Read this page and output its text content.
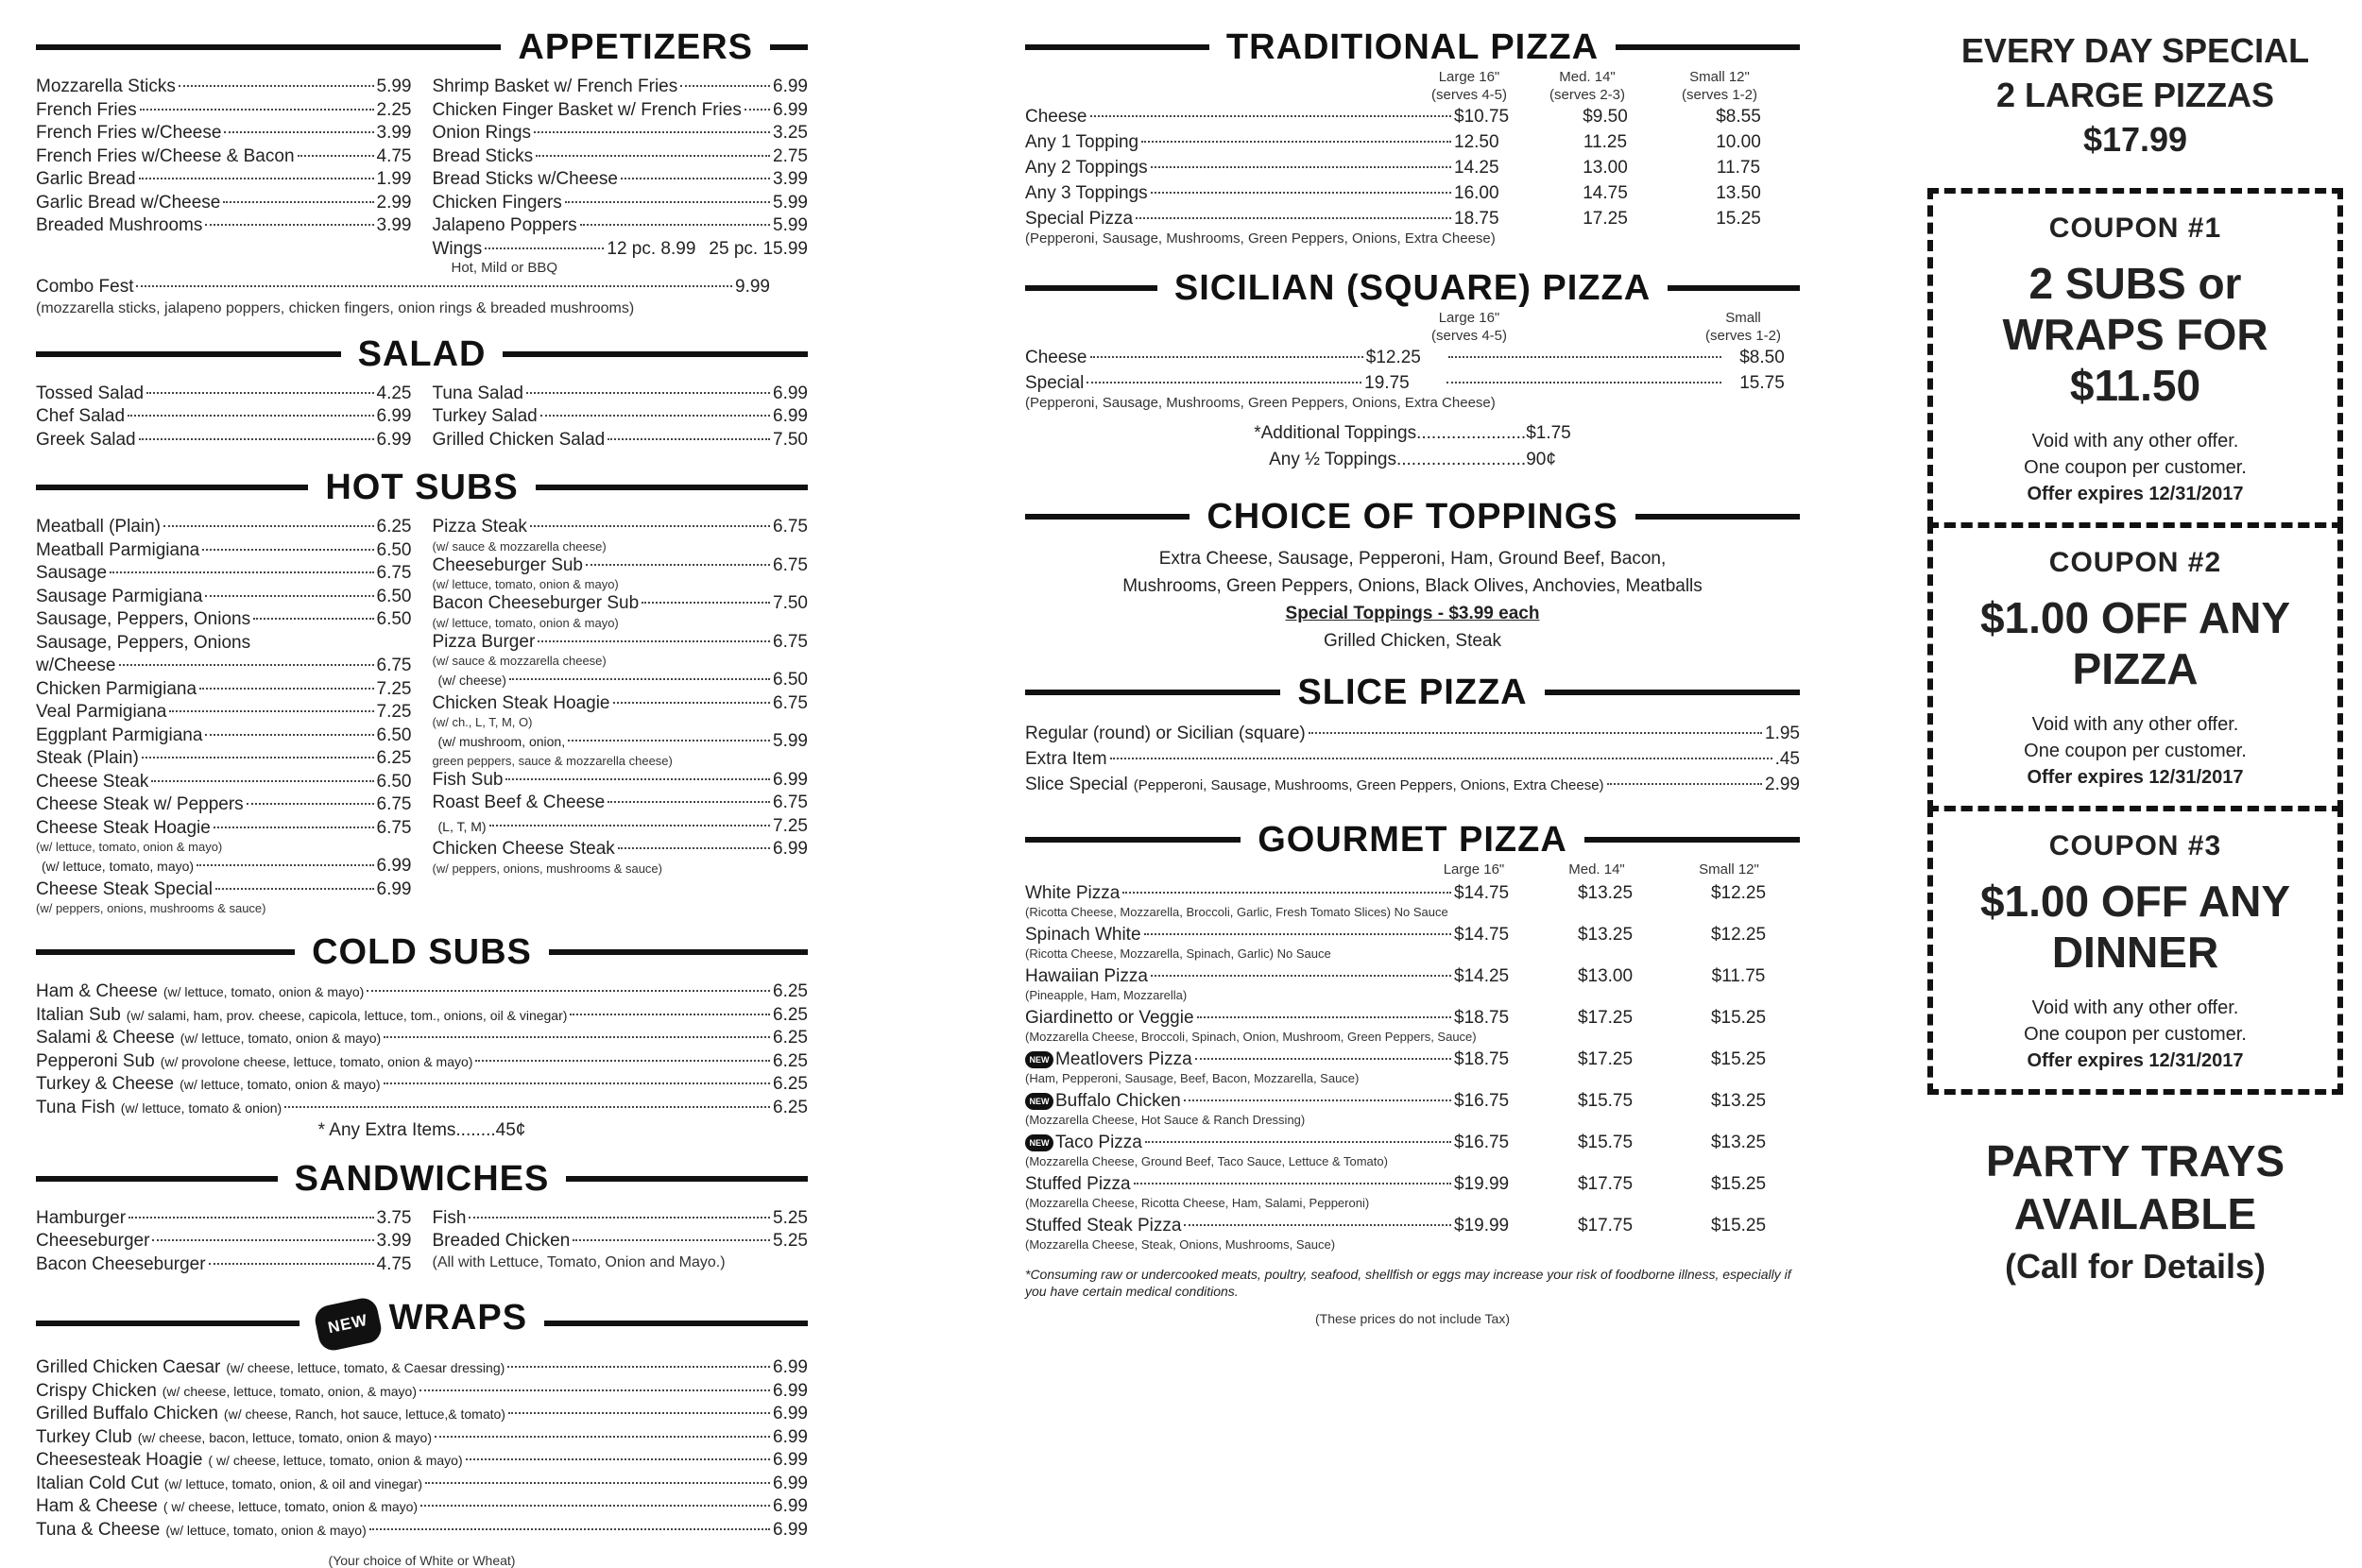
sirved
APPETIZERS
Mozzarella Sticks	5.99
French Fries	2.25
French Fries w/Cheese	3.99
French Fries w/Cheese & Bacon	4.75
Garlic Bread	1.99
Garlic Bread w/Cheese	2.99
Breaded Mushrooms	3.99
Shrimp Basket w/ French Fries	6.99
Chicken Finger Basket w/ French Fries 6.99
Onion Rings	3.25
Bread Sticks	2.75
Bread Sticks w/Cheese	3.99
Chicken Fingers	5.99
Jalapeno Poppers	5.99
Wings	12 pc. 8.99 25 pc. 15.99
Hot, Mild or BBQ
Combo Fest	9.99
(mozzarella sticks, jalapeno poppers, chicken fingers, onion rings & breaded mushrooms)
SALAD
Tossed Salad	4.25
Chef Salad	6.99
Greek Salad	6.99
Tuna Salad	6.99
Turkey Salad	6.99
Grilled Chicken Salad	7.50
HOT SUBS
Meatball (Plain)	6.25
Meatball Parmigiana	6.50
Sausage	6.75
Sausage Parmigiana	6.50
Sausage, Peppers, Onions	6.50
Sausage, Peppers, Onions
w/Cheese	6.75
Chicken Parmigiana	7.25
Veal Parmigiana	7.25
Eggplant Parmigiana	6.50
Steak (Plain)	6.25
Cheese Steak	6.50
Cheese Steak w/ Peppers	6.75
Cheese Steak Hoagie	6.75
(w/ lettuce, tomato, onion & mayo)
(w/ lettuce, tomato, mayo)	6.99
Cheese Steak Special	6.99
(w/ peppers, onions, mushrooms & sauce)
Pizza Steak	6.75
(w/ sauce & mozzarella cheese)
Cheeseburger Sub	6.75
(w/ lettuce, tomato, onion & mayo)
Bacon Cheeseburger Sub	7.50
(w/ lettuce, tomato, onion & mayo)
Pizza Burger	6.75
(w/ sauce & mozzarella cheese)
(w/ cheese)	6.50
Chicken Steak Hoagie	6.75
(w/ ch., L, T, M, O)
(w/ mushroom, onion,	5.99
green peppers, sauce & mozzarella cheese)
Fish Sub	6.99
Roast Beef & Cheese	6.75
(L, T, M)	7.25
Chicken Cheese Steak	6.99
(w/ peppers, onions, mushrooms & sauce)
COLD SUBS
Ham & Cheese (w/ lettuce, tomato, onion & mayo)	6.25
Italian Sub (w/ salami, ham, prov. cheese, capicola, lettuce, tom., onions, oil & vinegar)	6.25
Salami & Cheese (w/ lettuce, tomato, onion & mayo)	6.25
Pepperoni Sub (w/ provolone cheese, lettuce, tomato, onion & mayo)	6.25
Turkey & Cheese (w/ lettuce, tomato, onion & mayo)	6.25
Tuna Fish (w/ lettuce, tomato & onion)	6.25
* Any Extra Items........45¢
SANDWICHES
Hamburger	3.75
Cheeseburger	3.99
Bacon Cheeseburger	4.75
Fish	5.25
Breaded Chicken	5.25
(All with Lettuce, Tomato, Onion and Mayo.)
NEW WRAPS
Grilled Chicken Caesar (w/ cheese, lettuce, tomato, & Caesar dressing)	6.99
Crispy Chicken (w/ cheese, lettuce, tomato, onion, & mayo)	6.99
Grilled Buffalo Chicken (w/ cheese, Ranch, hot sauce, lettuce,& tomato)	6.99
Turkey Club (w/ cheese, bacon, lettuce, tomato, onion & mayo)	6.99
Cheesesteak Hoagie ( w/ cheese, lettuce, tomato, onion & mayo)	6.99
Italian Cold Cut (w/ lettuce, tomato, onion, & oil and vinegar)	6.99
Ham & Cheese ( w/ cheese, lettuce, tomato, onion & mayo)	6.99
Tuna & Cheese (w/ lettuce, tomato, onion & mayo)	6.99
(Your choice of White or Wheat)
TRADITIONAL PIZZA
Large 16"	Med. 14"	Small 12"
(serves 4-5)	(serves 2-3)	(serves 1-2)
Cheese	$10.75	$9.50	$8.55
Any 1 Topping	12.50	11.25	10.00
Any 2 Toppings	14.25	13.00	11.75
Any 3 Toppings	16.00	14.75	13.50
Special Pizza	18.75	17.25	15.25
(Pepperoni, Sausage, Mushrooms, Green Peppers, Onions, Extra Cheese)
SICILIAN (SQUARE) PIZZA
Large 16"	Small
(serves 4-5)	(serves 1-2)
Cheese	$12.25	$8.50
Special	19.75	15.75
(Pepperoni, Sausage, Mushrooms, Green Peppers, Onions, Extra Cheese)
*Additional Toppings......................$1.75
Any ½ Toppings..........................90¢
CHOICE OF TOPPINGS
Extra Cheese, Sausage, Pepperoni, Ham, Ground Beef, Bacon,
Mushrooms, Green Peppers, Onions, Black Olives, Anchovies, Meatballs
Special Toppings - $3.99 each
Grilled Chicken, Steak
SLICE PIZZA
Regular (round) or Sicilian (square)	1.95
Extra Item	.45
Slice Special (Pepperoni, Sausage, Mushrooms, Green Peppers, Onions, Extra Cheese)	2.99
GOURMET PIZZA
Large 16"	Med. 14"	Small 12"
White Pizza	$14.75	$13.25	$12.25
(Ricotta Cheese, Mozzarella, Broccoli, Garlic, Fresh Tomato Slices) No Sauce
Spinach White	$14.75	$13.25	$12.25
(Ricotta Cheese, Mozzarella, Spinach, Garlic) No Sauce
Hawaiian Pizza	$14.25	$13.00	$11.75
(Pineapple, Ham, Mozzarella)
Giardinetto or Veggie	$18.75	$17.25	$15.25
(Mozzarella Cheese, Broccoli, Spinach, Onion, Mushroom, Green Peppers, Sauce)
NEW Meatlovers Pizza	$18.75	$17.25	$15.25
(Ham, Pepperoni, Sausage, Beef, Bacon, Mozzarella, Sauce)
NEW Buffalo Chicken	$16.75	$15.75	$13.25
(Mozzarella Cheese, Hot Sauce & Ranch Dressing)
NEW Taco Pizza	$16.75	$15.75	$13.25
(Mozzarella Cheese, Ground Beef, Taco Sauce, Lettuce & Tomato)
Stuffed Pizza	$19.99	$17.75	$15.25
(Mozzarella Cheese, Ricotta Cheese, Ham, Salami, Pepperoni)
Stuffed Steak Pizza	$19.99	$17.75	$15.25
(Mozzarella Cheese, Steak, Onions, Mushrooms, Sauce)
*Consuming raw or undercooked meats, poultry, seafood, shellfish or eggs may increase your risk of foodborne illness, especially if you have certain medical conditions.
(These prices do not include Tax)
EVERY DAY SPECIAL
2 LARGE PIZZAS
$17.99
COUPON #1
2 SUBS or WRAPS FOR $11.50
Void with any other offer.
One coupon per customer.
Offer expires 12/31/2017
COUPON #2
$1.00 OFF ANY PIZZA
Void with any other offer.
One coupon per customer.
Offer expires 12/31/2017
COUPON #3
$1.00 OFF ANY DINNER
Void with any other offer.
One coupon per customer.
Offer expires 12/31/2017
PARTY TRAYS
AVAILABLE
(Call for Details)
